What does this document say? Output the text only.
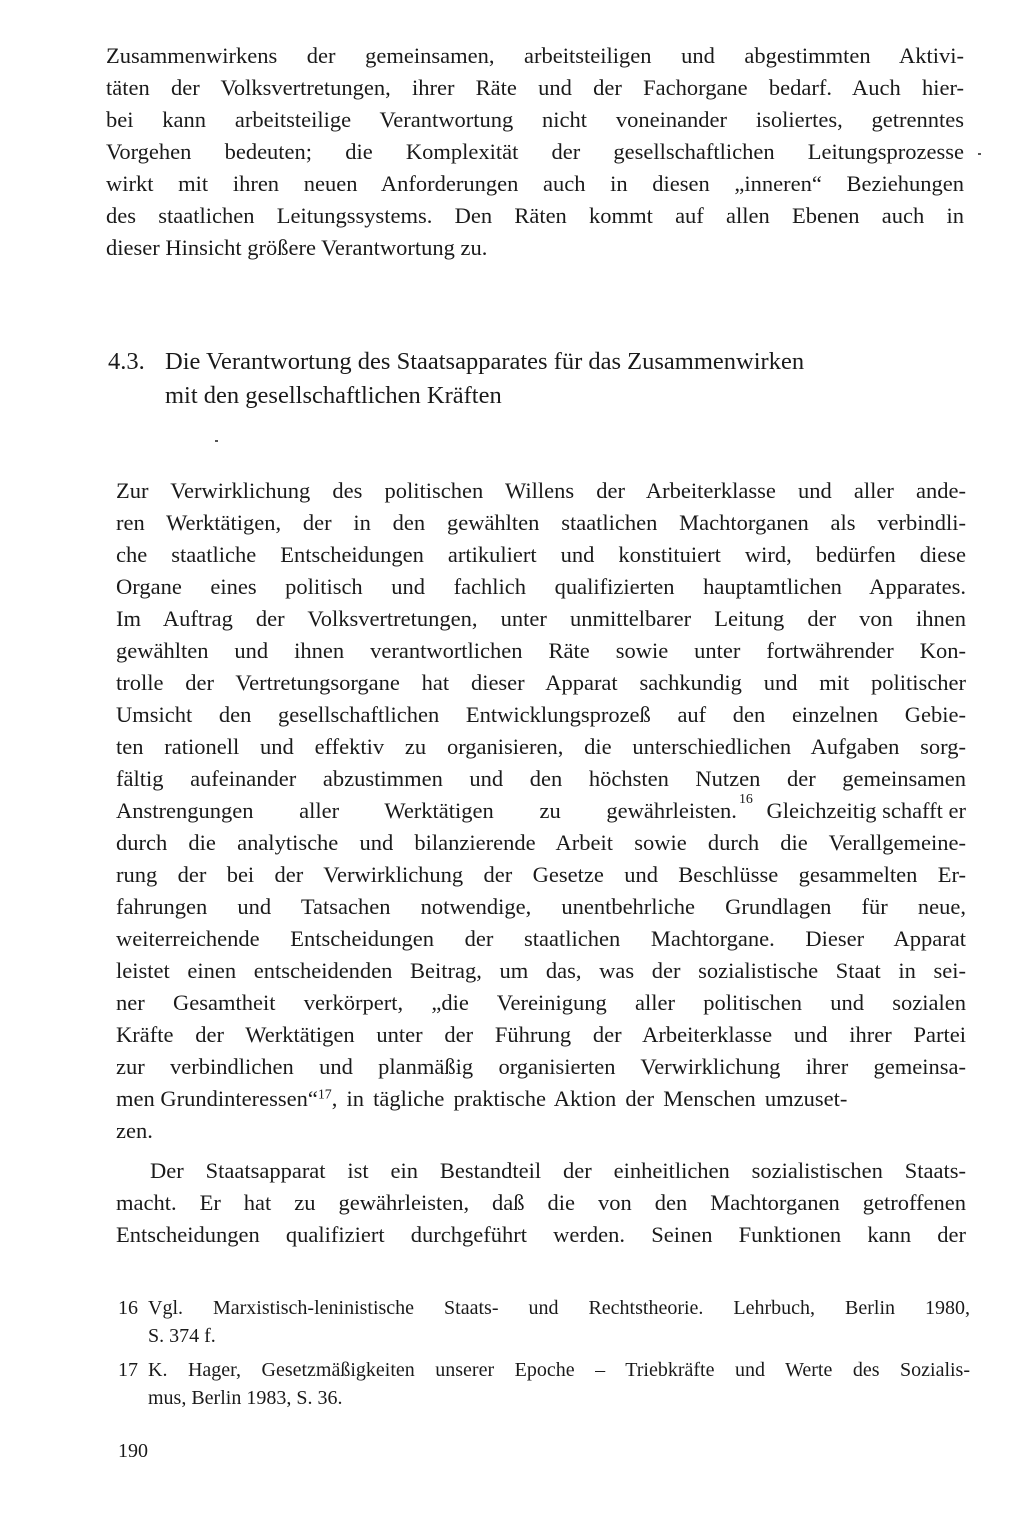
Zusammenwirkens der gemeinsamen, arbeitsteiligen und abgestimmten Aktivi-
täten der Volksvertretungen, ihrer Räte und der Fachorgane bedarf. Auch hier-
bei kann arbeitsteilige Verantwortung nicht voneinander isoliertes, getrenntes
Vorgehen bedeuten; die Komplexität der gesellschaftlichen Leitungsprozesse
wirkt mit ihren neuen Anforderungen auch in diesen „inneren“ Beziehungen
des staatlichen Leitungssystems. Den Räten kommt auf allen Ebenen auch in
dieser Hinsicht größere Verantwortung zu.
4.3. Die Verantwortung des Staatsapparates für das Zusammenwirken
mit den gesellschaftlichen Kräften
Zur Verwirklichung des politischen Willens der Arbeiterklasse und aller ande-
ren Werktätigen, der in den gewählten staatlichen Machtorganen als verbindli-
che staatliche Entscheidungen artikuliert und konstituiert wird, bedürfen diese
Organe eines politisch und fachlich qualifizierten hauptamtlichen Apparates.
Im Auftrag der Volksvertretungen, unter unmittelbarer Leitung der von ihnen
gewählten und ihnen verantwortlichen Räte sowie unter fortwährender Kon-
trolle der Vertretungsorgane hat dieser Apparat sachkundig und mit politischer
Umsicht den gesellschaftlichen Entwicklungsprozeß auf den einzelnen Gebie-
ten rationell und effektiv zu organisieren, die unterschiedlichen Aufgaben sorg-
fältig aufeinander abzustimmen und den höchsten Nutzen der gemeinsamen
Anstrengungen aller Werktätigen zu gewährleisten. 16 Gleichzeitig schafft er
durch die analytische und bilanzierende Arbeit sowie durch die Verallgemeine-
rung der bei der Verwirklichung der Gesetze und Beschlüsse gesammelten Er-
fahrungen und Tatsachen notwendige, unentbehrliche Grundlagen für neue,
weiterreichende Entscheidungen der staatlichen Machtorgane. Dieser Apparat
leistet einen entscheidenden Beitrag, um das, was der sozialistische Staat in sei-
ner Gesamtheit verkörpert, „die Vereinigung aller politischen und sozialen
Kräfte der Werktätigen unter der Führung der Arbeiterklasse und ihrer Partei
zur verbindlichen und planmäßig organisierten Verwirklichung ihrer gemeinsa-
men Grundinteressen“$^{17}$, in tägliche praktische Aktion der Menschen umzuset-
zen.
Der Staatsapparat ist ein Bestandteil der einheitlichen sozialistischen Staats-
macht. Er hat zu gewährleisten, daß die von den Machtorganen getroffenen
Entscheidungen qualifiziert durchgeführt werden. Seinen Funktionen kann der
16 Vgl. Marxistisch-leninistische Staats- und Rechtstheorie. Lehrbuch, Berlin 1980,
S. 374 f.
17 K. Hager, Gesetzmäßigkeiten unserer Epoche – Triebkräfte und Werte des Sozialis-
mus, Berlin 1983, S. 36.
190
